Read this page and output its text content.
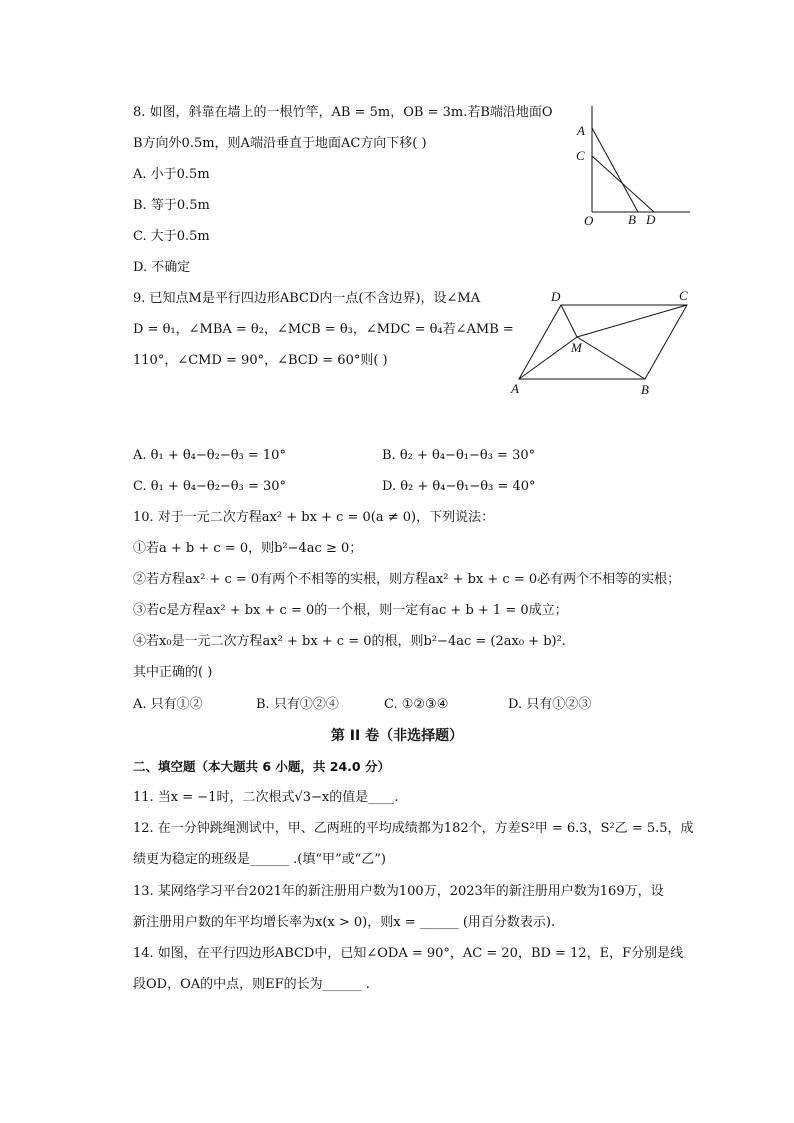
8. 如图，斜靠在墙上的一根竹竿，AB = 5m，OB = 3m.若B端沿地面O
B方向外0.5m，则A端沿垂直于地面AC方向下移( )
A. 小于0.5m
B. 等于0.5m
C. 大于0.5m
D. 不确定
A
C
O	B D
9. 已知点M是平行四边形ABCD内一点(不含边界)，设∠MA
D = θ₁，∠MBA = θ₂，∠MCB = θ₃，∠MDC = θ₄若∠AMB =
110°，∠CMD = 90°，∠BCD = 60°则( )
D	C
M
A	B
A. θ₁ + θ₄−θ₂−θ₃ = 10°	B. θ₂ + θ₄−θ₁−θ₃ = 30°
C. θ₁ + θ₄−θ₂−θ₃ = 30°	D. θ₂ + θ₄−θ₁−θ₃ = 40°
10. 对于一元二次方程ax² + bx + c = 0(a ≠ 0)，下列说法：
①若a + b + c = 0，则b²−4ac ≥ 0；
②若方程ax² + c = 0有两个不相等的实根，则方程ax² + bx + c = 0必有两个不相等的实根；
③若c是方程ax² + bx + c = 0的一个根，则一定有ac + b + 1 = 0成立；
④若x₀是一元二次方程ax² + bx + c = 0的根，则b²−4ac = (2ax₀ + b)².
其中正确的( )
A. 只有①②	B. 只有①②④	C. ①②③④	D. 只有①②③
第 II 卷（非选择题）
二、填空题（本大题共 6 小题，共 24.0 分）
11. 当x = −1时，二次根式√3−x的值是____.
12. 在一分钟跳绳测试中，甲、乙两班的平均成绩都为182个，方差S²甲 = 6.3，S²乙 = 5.5，成
绩更为稳定的班级是______ .(填“甲”或“乙”)
13. 某网络学习平台2021年的新注册用户数为100万，2023年的新注册用户数为169万，设
新注册用户数的年平均增长率为x(x > 0)，则x = ______ (用百分数表示).
14. 如图，在平行四边形ABCD中，已知∠ODA = 90°，AC = 20，BD = 12，E，F分别是线
段OD，OA的中点，则EF的长为______ .
